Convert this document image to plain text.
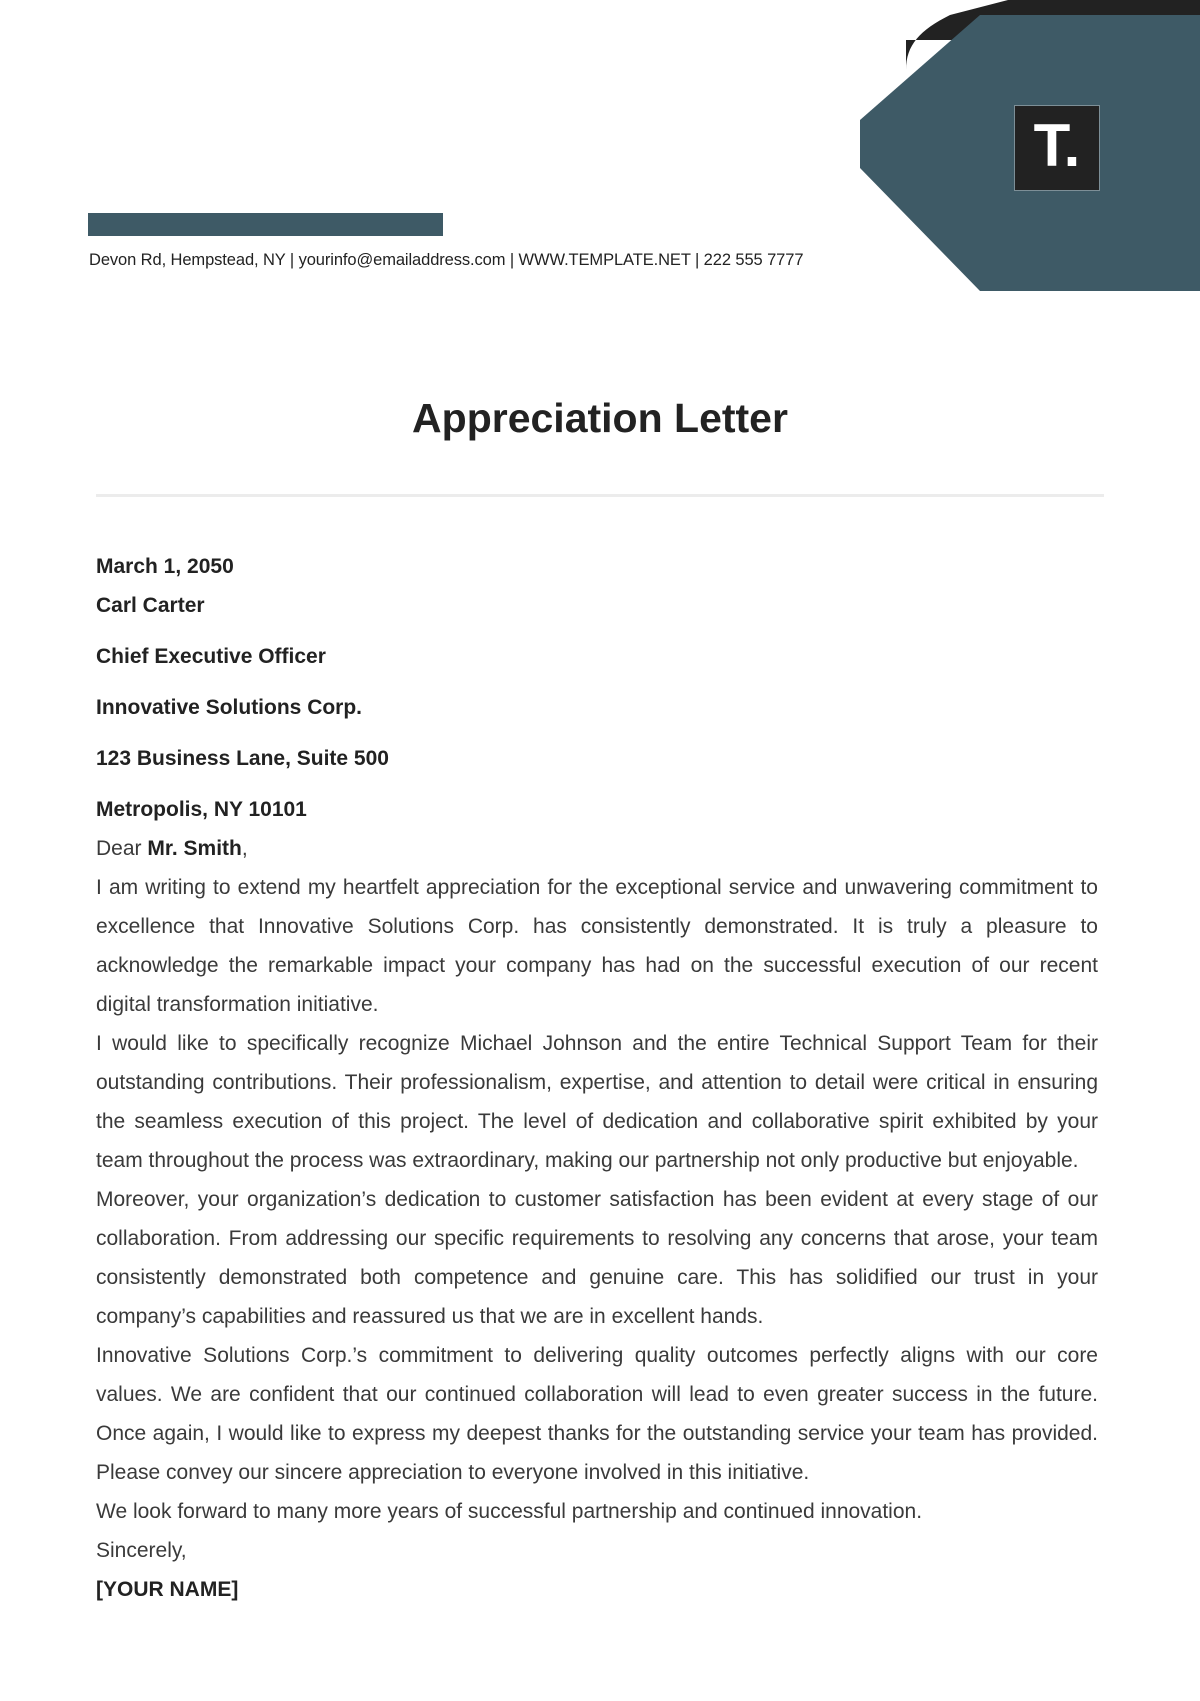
Devon Rd, Hempstead, NY | yourinfo@emailaddress.com | WWW.TEMPLATE.NET | 222 555 7777
T.
Appreciation Letter

March 1, 2050

Carl Carter

Chief Executive Officer

Innovative Solutions Corp.

123 Business Lane, Suite 500

Metropolis, NY 10101

Dear Mr. Smith,

I am writing to extend my heartfelt appreciation for the exceptional service and unwavering commitment to excellence that Innovative Solutions Corp. has consistently demonstrated. It is truly a pleasure to acknowledge the remarkable impact your company has had on the successful execution of our recent digital transformation initiative.

I would like to specifically recognize Michael Johnson and the entire Technical Support Team for their outstanding contributions. Their professionalism, expertise, and attention to detail were critical in ensuring the seamless execution of this project. The level of dedication and collaborative spirit exhibited by your team throughout the process was extraordinary, making our partnership not only productive but enjoyable.

Moreover, your organization’s dedication to customer satisfaction has been evident at every stage of our collaboration. From addressing our specific requirements to resolving any concerns that arose, your team consistently demonstrated both competence and genuine care. This has solidified our trust in your company’s capabilities and reassured us that we are in excellent hands.

Innovative Solutions Corp.’s commitment to delivering quality outcomes perfectly aligns with our core values. We are confident that our continued collaboration will lead to even greater success in the future. Once again, I would like to express my deepest thanks for the outstanding service your team has provided. Please convey our sincere appreciation to everyone involved in this initiative.

We look forward to many more years of successful partnership and continued innovation.

Sincerely,

[YOUR NAME]
